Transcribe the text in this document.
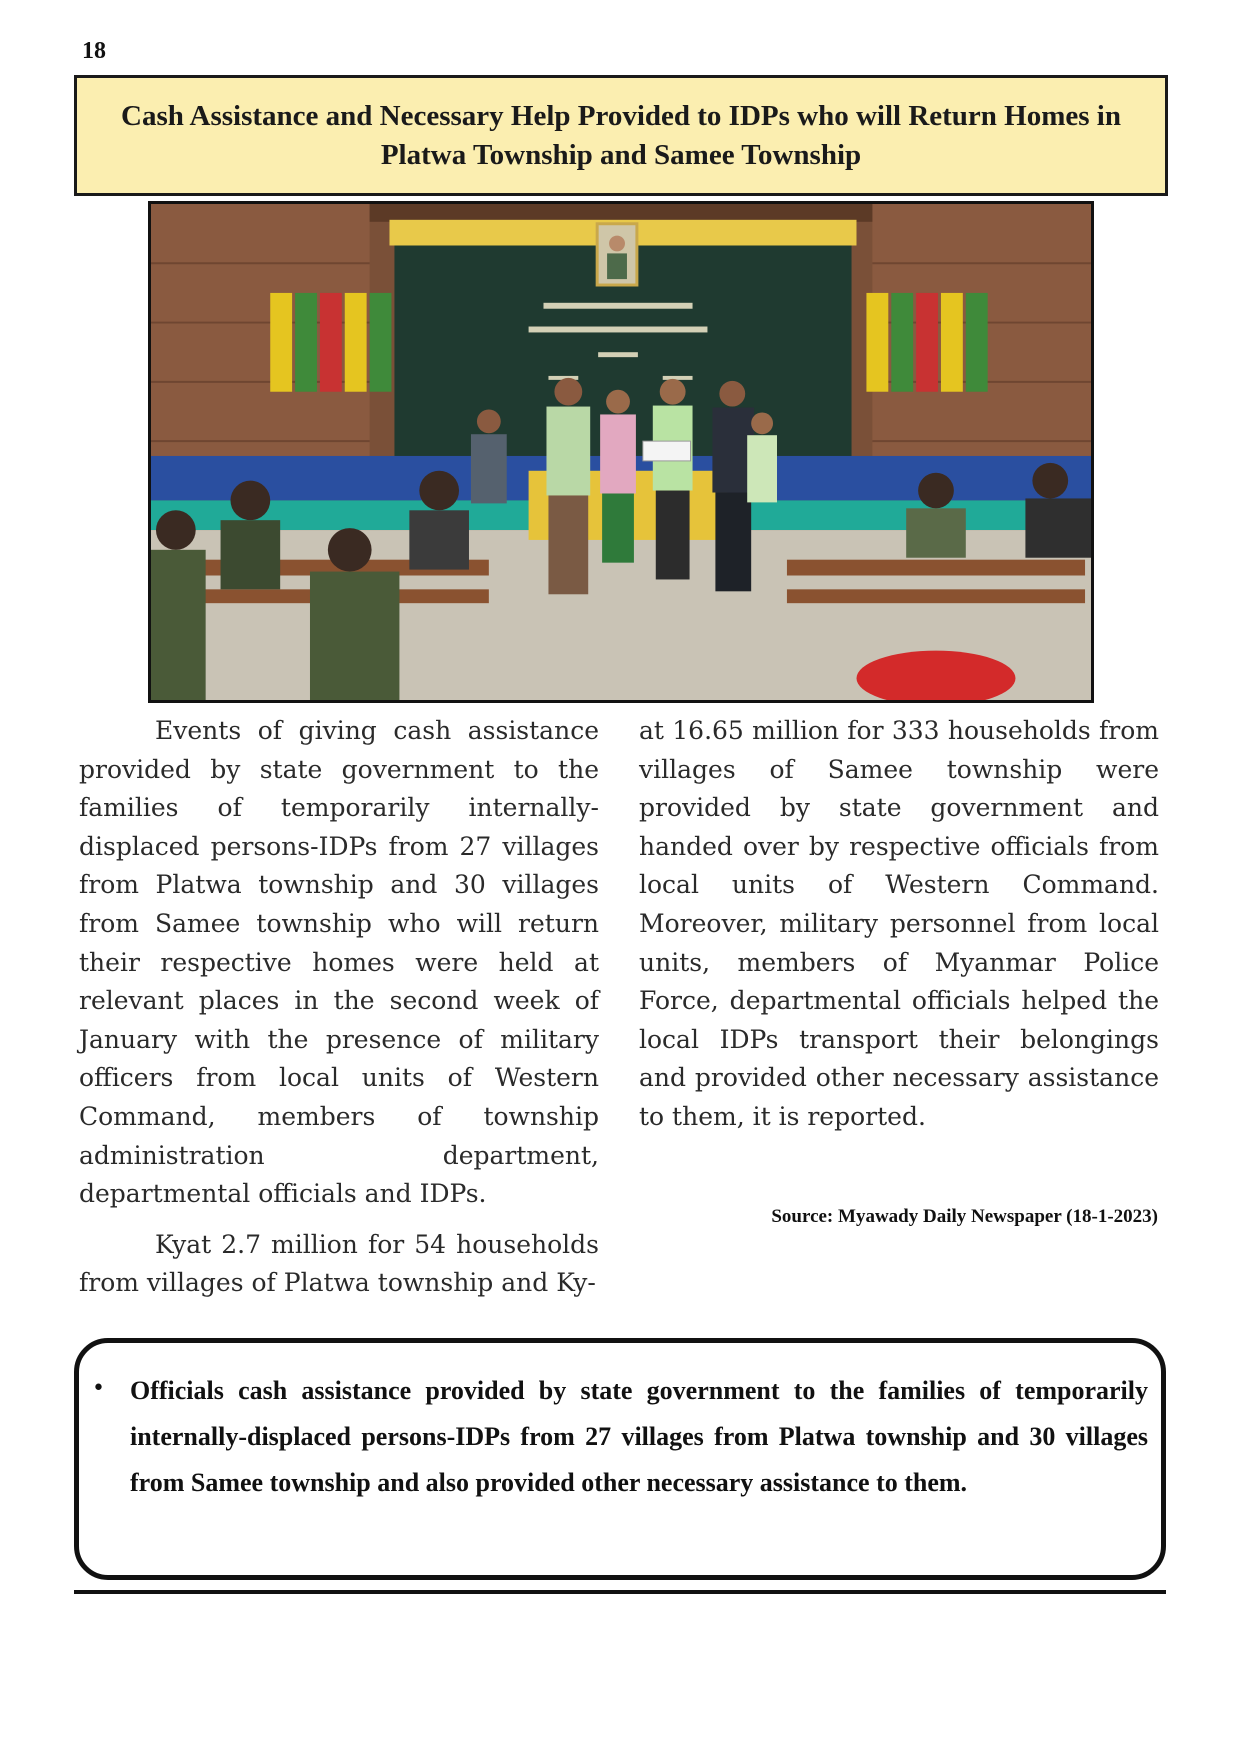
18
Cash Assistance and Necessary Help Provided to IDPs who will Return Homes in Platwa Township and Samee Township

Events of giving cash assistance provided by state government to the families of temporarily internally-displaced persons-IDPs from 27 villages from Platwa township and 30 villages from Samee township who will return their respective homes were held at relevant places in the second week of January with the presence of military officers from local units of Western Command, members of township administration department, departmental officials and IDPs.

Kyat 2.7 million for 54 households from villages of Platwa township and Ky-

at 16.65 million for 333 households from villages of Samee township were provided by state government and handed over by respective officials from local units of Western Command. Moreover, military personnel from local units, members of Myanmar Police Force, departmental officials helped the local IDPs transport their belongings and provided other necessary assistance to them, it is reported.

Source: Myawady Daily Newspaper (18-1-2023)
• Officials cash assistance provided by state government to the families of temporarily internally-displaced persons-IDPs from 27 villages from Platwa township and 30 villages from Samee township and also provided other necessary assistance to them.
